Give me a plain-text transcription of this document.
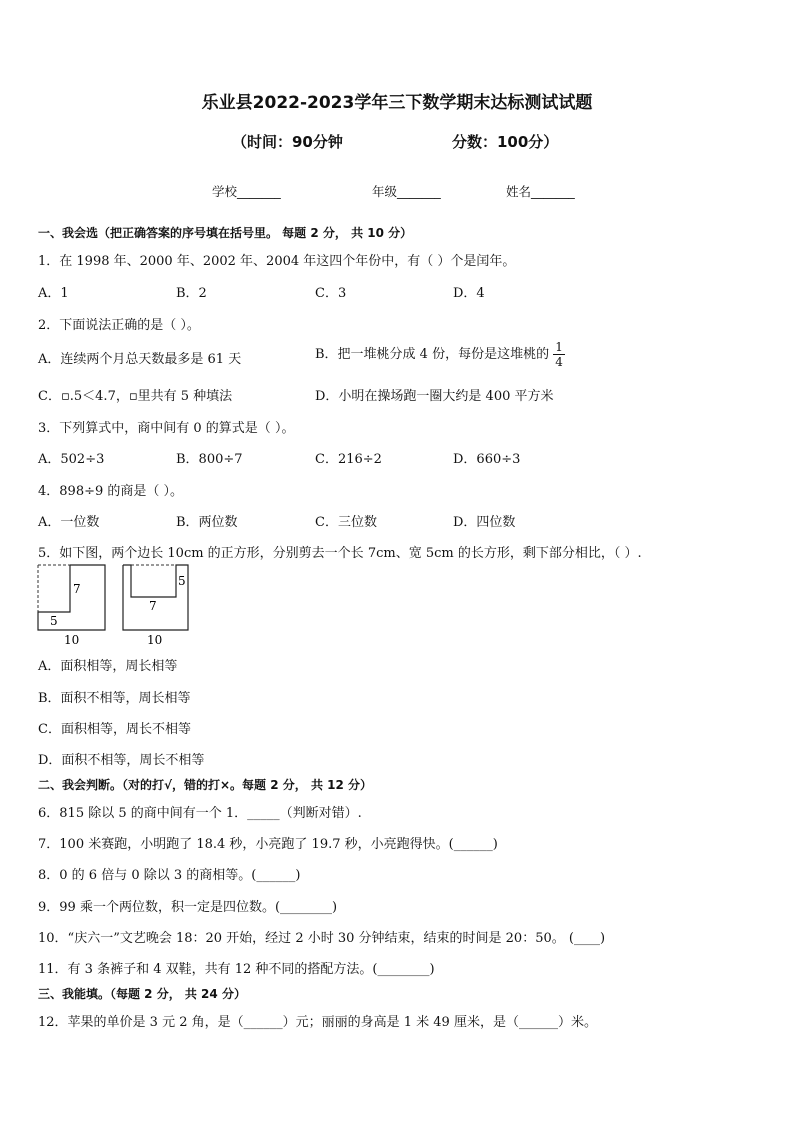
乐业县2022-2023学年三下数学期末达标测试试题
（时间：90分钟	分数：100分）
学校_______	年级_______	姓名_______
一、我会选（把正确答案的序号填在括号里。 每题 2 分， 共 10 分）
1．在 1998 年、2000 年、2002 年、2004 年这四个年份中，有（ ）个是闰年。
A．1	B．2	C．3	D．4
2．下面说法正确的是（ ）。
A．连续两个月总天数最多是 61 天	B．把一堆桃分成 4 份，每份是这堆桃的 $\frac{1}{4}$
C．▫.5＜4.7，▫里共有 5 种填法	D．小明在操场跑一圈大约是 400 平方米
3．下列算式中，商中间有 0 的算式是（ ）。
A．502÷3	B．800÷7	C．216÷2	D．660÷3
4．898÷9 的商是（ ）。
A．一位数	B．两位数	C．三位数	D．四位数
5．如下图，两个边长 10cm 的正方形，分别剪去一个长 7cm、宽 5cm 的长方形，剩下部分相比，（ ）.
7
5
10
5
7
10
A．面积相等，周长相等
B．面积不相等，周长相等
C．面积相等，周长不相等
D．面积不相等，周长不相等
二、我会判断。（对的打√，错的打×。每题 2 分， 共 12 分）
6．815 除以 5 的商中间有一个 1．_____（判断对错）.
7．100 米赛跑，小明跑了 18.4 秒，小亮跑了 19.7 秒，小亮跑得快。(______)
8．0 的 6 倍与 0 除以 3 的商相等。(______)
9．99 乘一个两位数，积一定是四位数。(________)
10．“庆六一”文艺晚会 18：20 开始，经过 2 小时 30 分钟结束，结束的时间是 20：50。 (____)
11．有 3 条裤子和 4 双鞋，共有 12 种不同的搭配方法。(________)
三、我能填。（每题 2 分， 共 24 分）
12．苹果的单价是 3 元 2 角，是（______）元；丽丽的身高是 1 米 49 厘米，是（______）米。
